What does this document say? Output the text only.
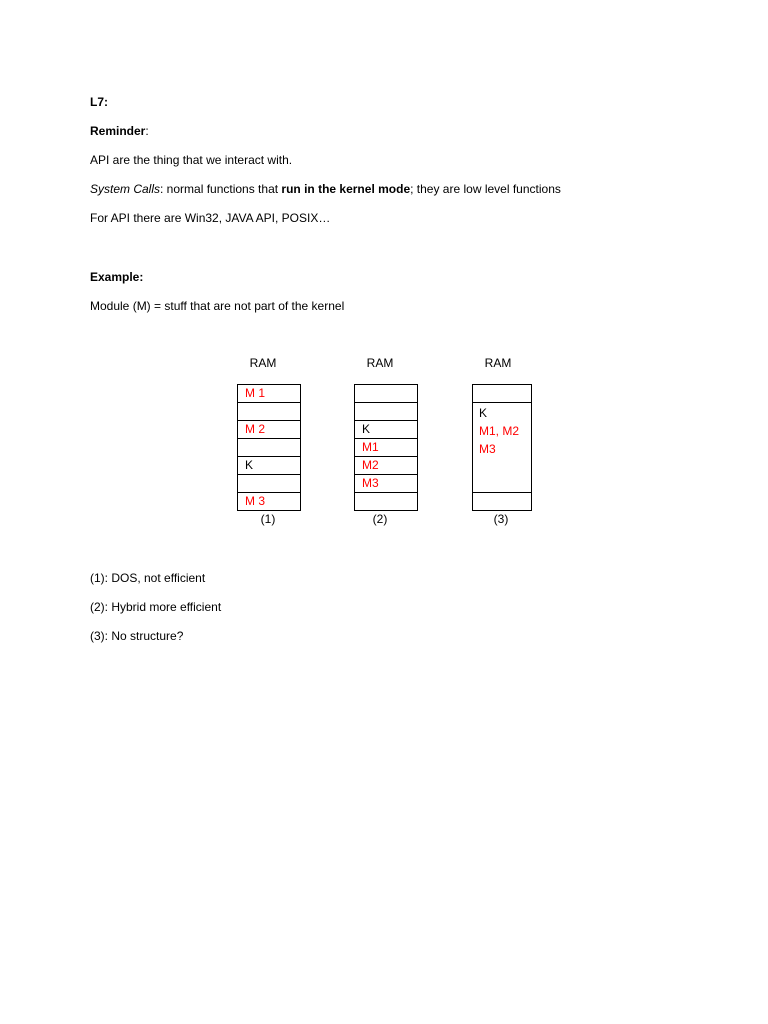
L7:
Reminder:
API are the thing that we interact with.
System Calls: normal functions that run in the kernel mode; they are low level functions
For API there are Win32, JAVA API, POSIX…
Example:
Module (M) = stuff that are not part of the kernel
RAM	RAM	RAM
M 1
M 2
K
M 3
K
M1
M2
M3
K
M1, M2
M3
(1)	(2)	(3)
(1): DOS, not efficient
(2): Hybrid more efficient
(3): No structure?
